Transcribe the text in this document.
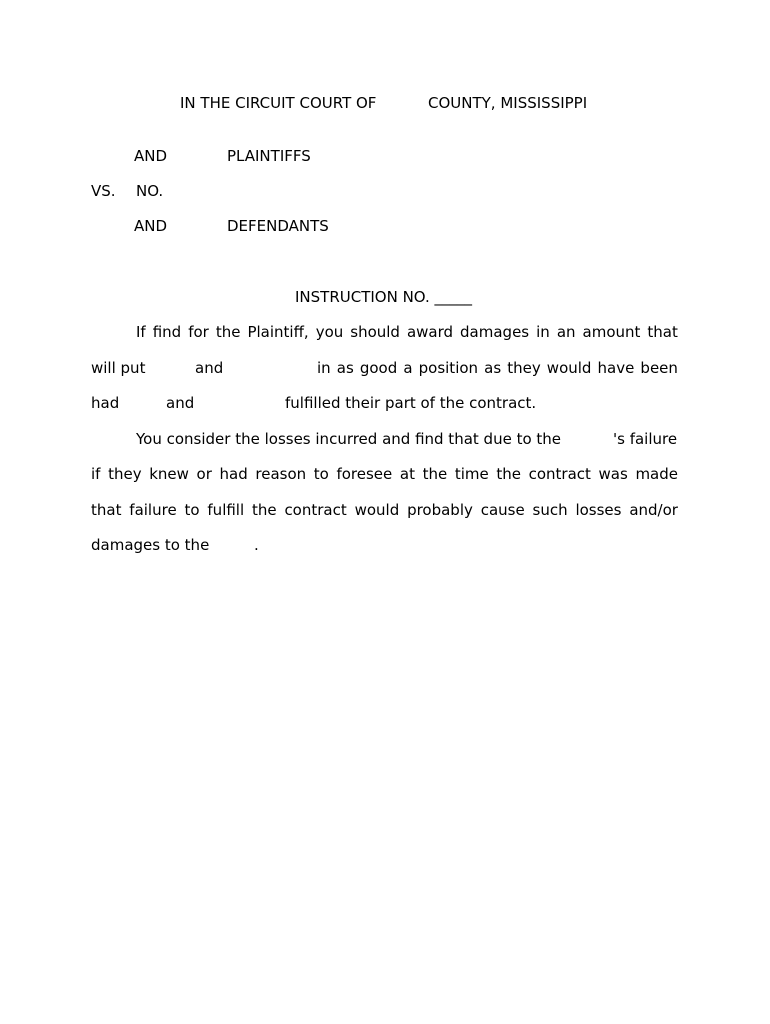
IN THE CIRCUIT COURT OF	COUNTY, MISSISSIPPI
AND	PLAINTIFFS
VS. NO.
AND	DEFENDANTS
INSTRUCTION NO. _____
If find for the Plaintiff, you should award damages in an amount that
will put	and	in as good a position as they would have been
had	and	fulfilled their part of the contract.
You consider the losses incurred and find that due to the	's failure
if they knew or had reason to foresee at the time the contract was made
that failure to fulfill the contract would probably cause such losses and/or
damages to the	.
